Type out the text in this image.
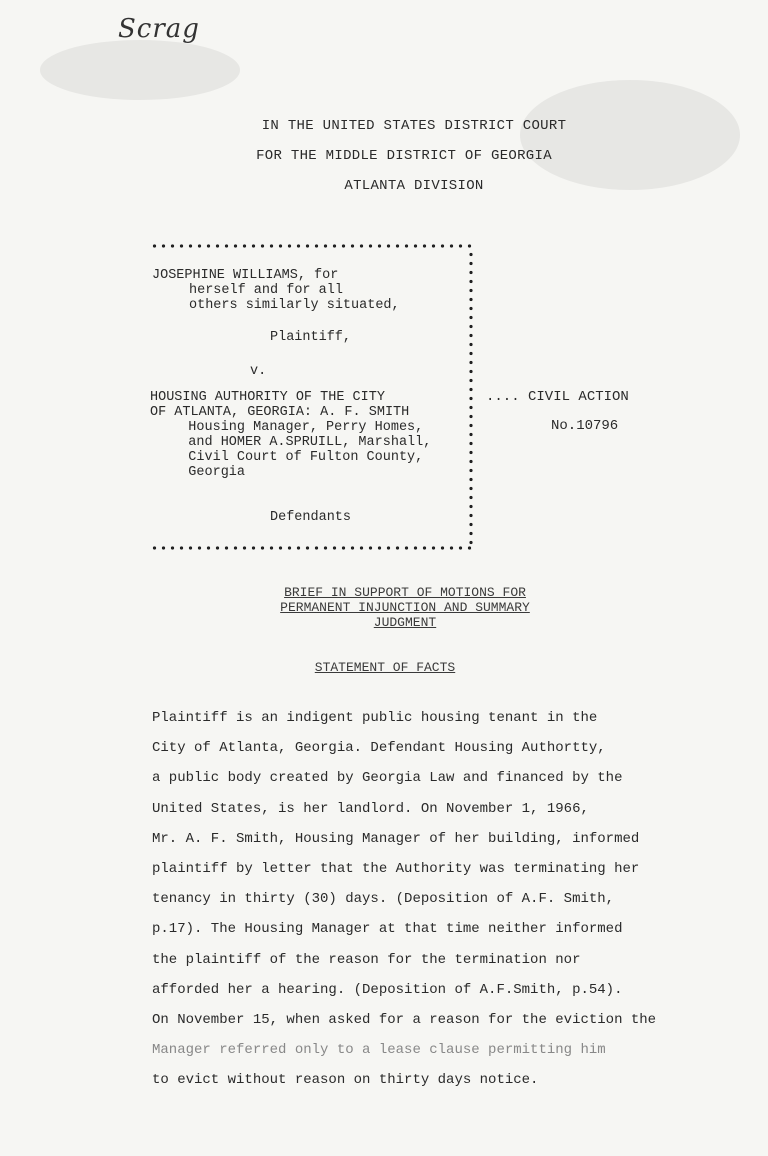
Scrag
IN THE UNITED STATES DISTRICT COURT
FOR THE MIDDLE DISTRICT OF GEORGIA
ATLANTA DIVISION
JOSEPHINE WILLIAMS, for
herself and for all
others similarly situated,
Plaintiff,
v.
HOUSING AUTHORITY OF THE CITY
OF ATLANTA, GEORGIA: A. F. SMITH
Housing Manager, Perry Homes,
and HOMER A.SPRUILL, Marshall,
Civil Court of Fulton County,
Georgia
Defendants
.... CIVIL ACTION
No.10796
BRIEF IN SUPPORT OF MOTIONS FOR
PERMANENT INJUNCTION AND SUMMARY
JUDGMENT
STATEMENT OF FACTS
Plaintiff is an indigent public housing tenant in the
City of Atlanta, Georgia. Defendant Housing Authortty,
a public body created by Georgia Law and financed by the
United States, is her landlord. On November 1, 1966,
Mr. A. F. Smith, Housing Manager of her building, informed
plaintiff by letter that the Authority was terminating her
tenancy in thirty (30) days. (Deposition of A.F. Smith,
p.17). The Housing Manager at that time neither informed
the plaintiff of the reason for the termination nor
afforded her a hearing. (Deposition of A.F.Smith, p.54).
On November 15, when asked for a reason for the eviction the
Manager referred only to a lease clause permitting him
to evict without reason on thirty days notice.
